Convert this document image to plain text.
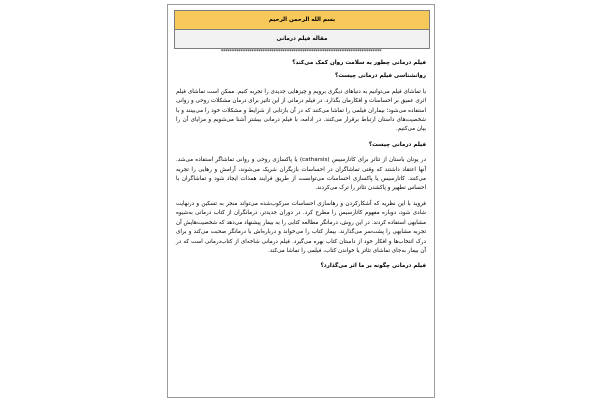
بسم الله الرحمن الرحیم
مقاله فیلم درمانی
*************************************************************************
فیلم درمانی چطور به سلامت روان کمک می‌کند؟
روانشناسی فیلم درمانی چیست؟

با تماشای فیلم می‌توانیم به دنیاهای دیگری برویم و چیزهایی جدیدی را تجربه کنیم. ممکن است تماشای فیلم اثری عمیق بر احساسات و افکارمان بگذارد. در فیلم درمانی از این تاثیر برای درمان مشکلات روحی و روانی استفاده می‌شود؛ بیماران فیلمی را تماشا می‌کنند که در آن بازتابی از شرایط و مشکلات خود را می‌بینند و با شخصیت‌های داستان ارتباط برقرار می‌کنند. در ادامه، با فیلم درمانی بیشتر آشنا می‌شویم و مزایای آن را بیان می‌کنیم.

فیلم درمانی چیست؟

در یونان باستان از تئاتر برای کاتارسیس (catharsis) یا پاکسازی روحی و روانی تماشاگر استفاده می‌شد. آنها اعتقاد داشتند که وقتی تماشاگران در احساسات بازیگران شریک می‌شوند، آرامش و رهایی را تجربه می‌کنند. کاتارسیس یا پاکسازی احساسات می‌توانست از طریق فرایند همذات ایجاد شود و تماشاگران با احساس تطهیر و پاکشدن تئاتر را ترک می‌کردند.

فروید با این نظریه که آشکارکردن و رهاسازی احساسات سرکوب‌شده می‌تواند منجر به تسکین و درنهایت شادی شود، دوباره مفهوم کاتارسیس را مطرح کرد. در دوران جدیدتر، درمانگران از کتاب درمانی به‌شیوه مشابهی استفاده کردند. در این روش، درمانگر مطالعه کتابی را به بیمار پیشنهاد می‌دهد که شخصیت‌هایش آن تجربه مشابهی را پشت‌سر می‌گذارند. بیمار کتاب را می‌خواند و درباره‌اش با درمانگر صحبت می‌کند و برای درک انتخاب‌ها و افکار خود از داستان کتاب بهره می‌گیرد. فیلم درمانی شاخه‌ای از کتاب‌درمانی است که در آن بیمار به‌جای تماشای تئاتر یا خواندن کتاب، فیلمی را تماشا می‌کند.

فیلم درمانی چگونه بر ما اثر می‌گذارد؟
